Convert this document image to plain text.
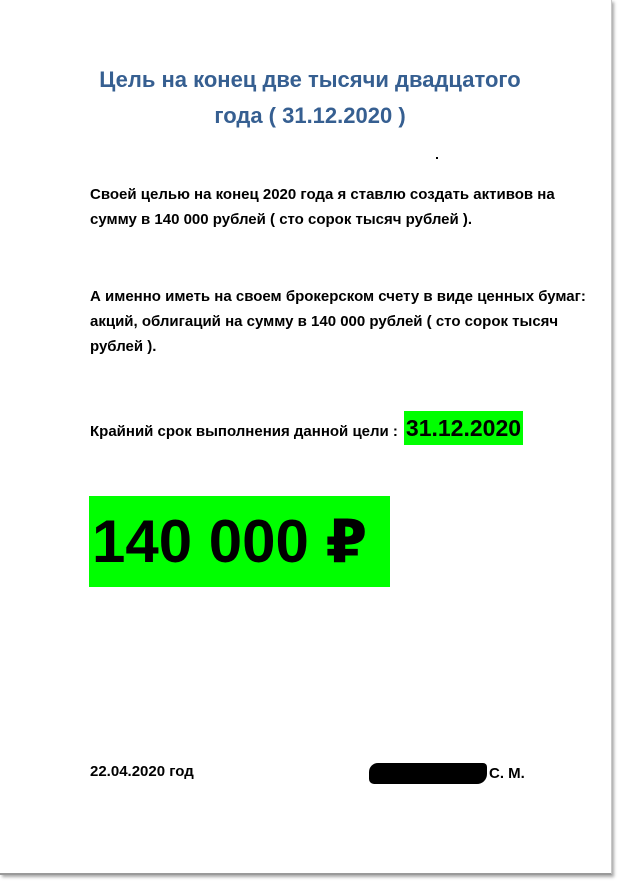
Цель на конец две тысячи двадцатого
года ( 31.12.2020 )
Своей целью на конец 2020 года я ставлю создать активов на сумму в 140 000 рублей ( сто сорок тысяч рублей ).
А именно иметь на своем брокерском счету в виде ценных бумаг: акций, облигаций на сумму в 140 000 рублей ( сто сорок тысяч рублей ).
Крайний срок выполнения данной цели : 31.12.2020
140 000 ₽
22.04.2020 год	С. М.
